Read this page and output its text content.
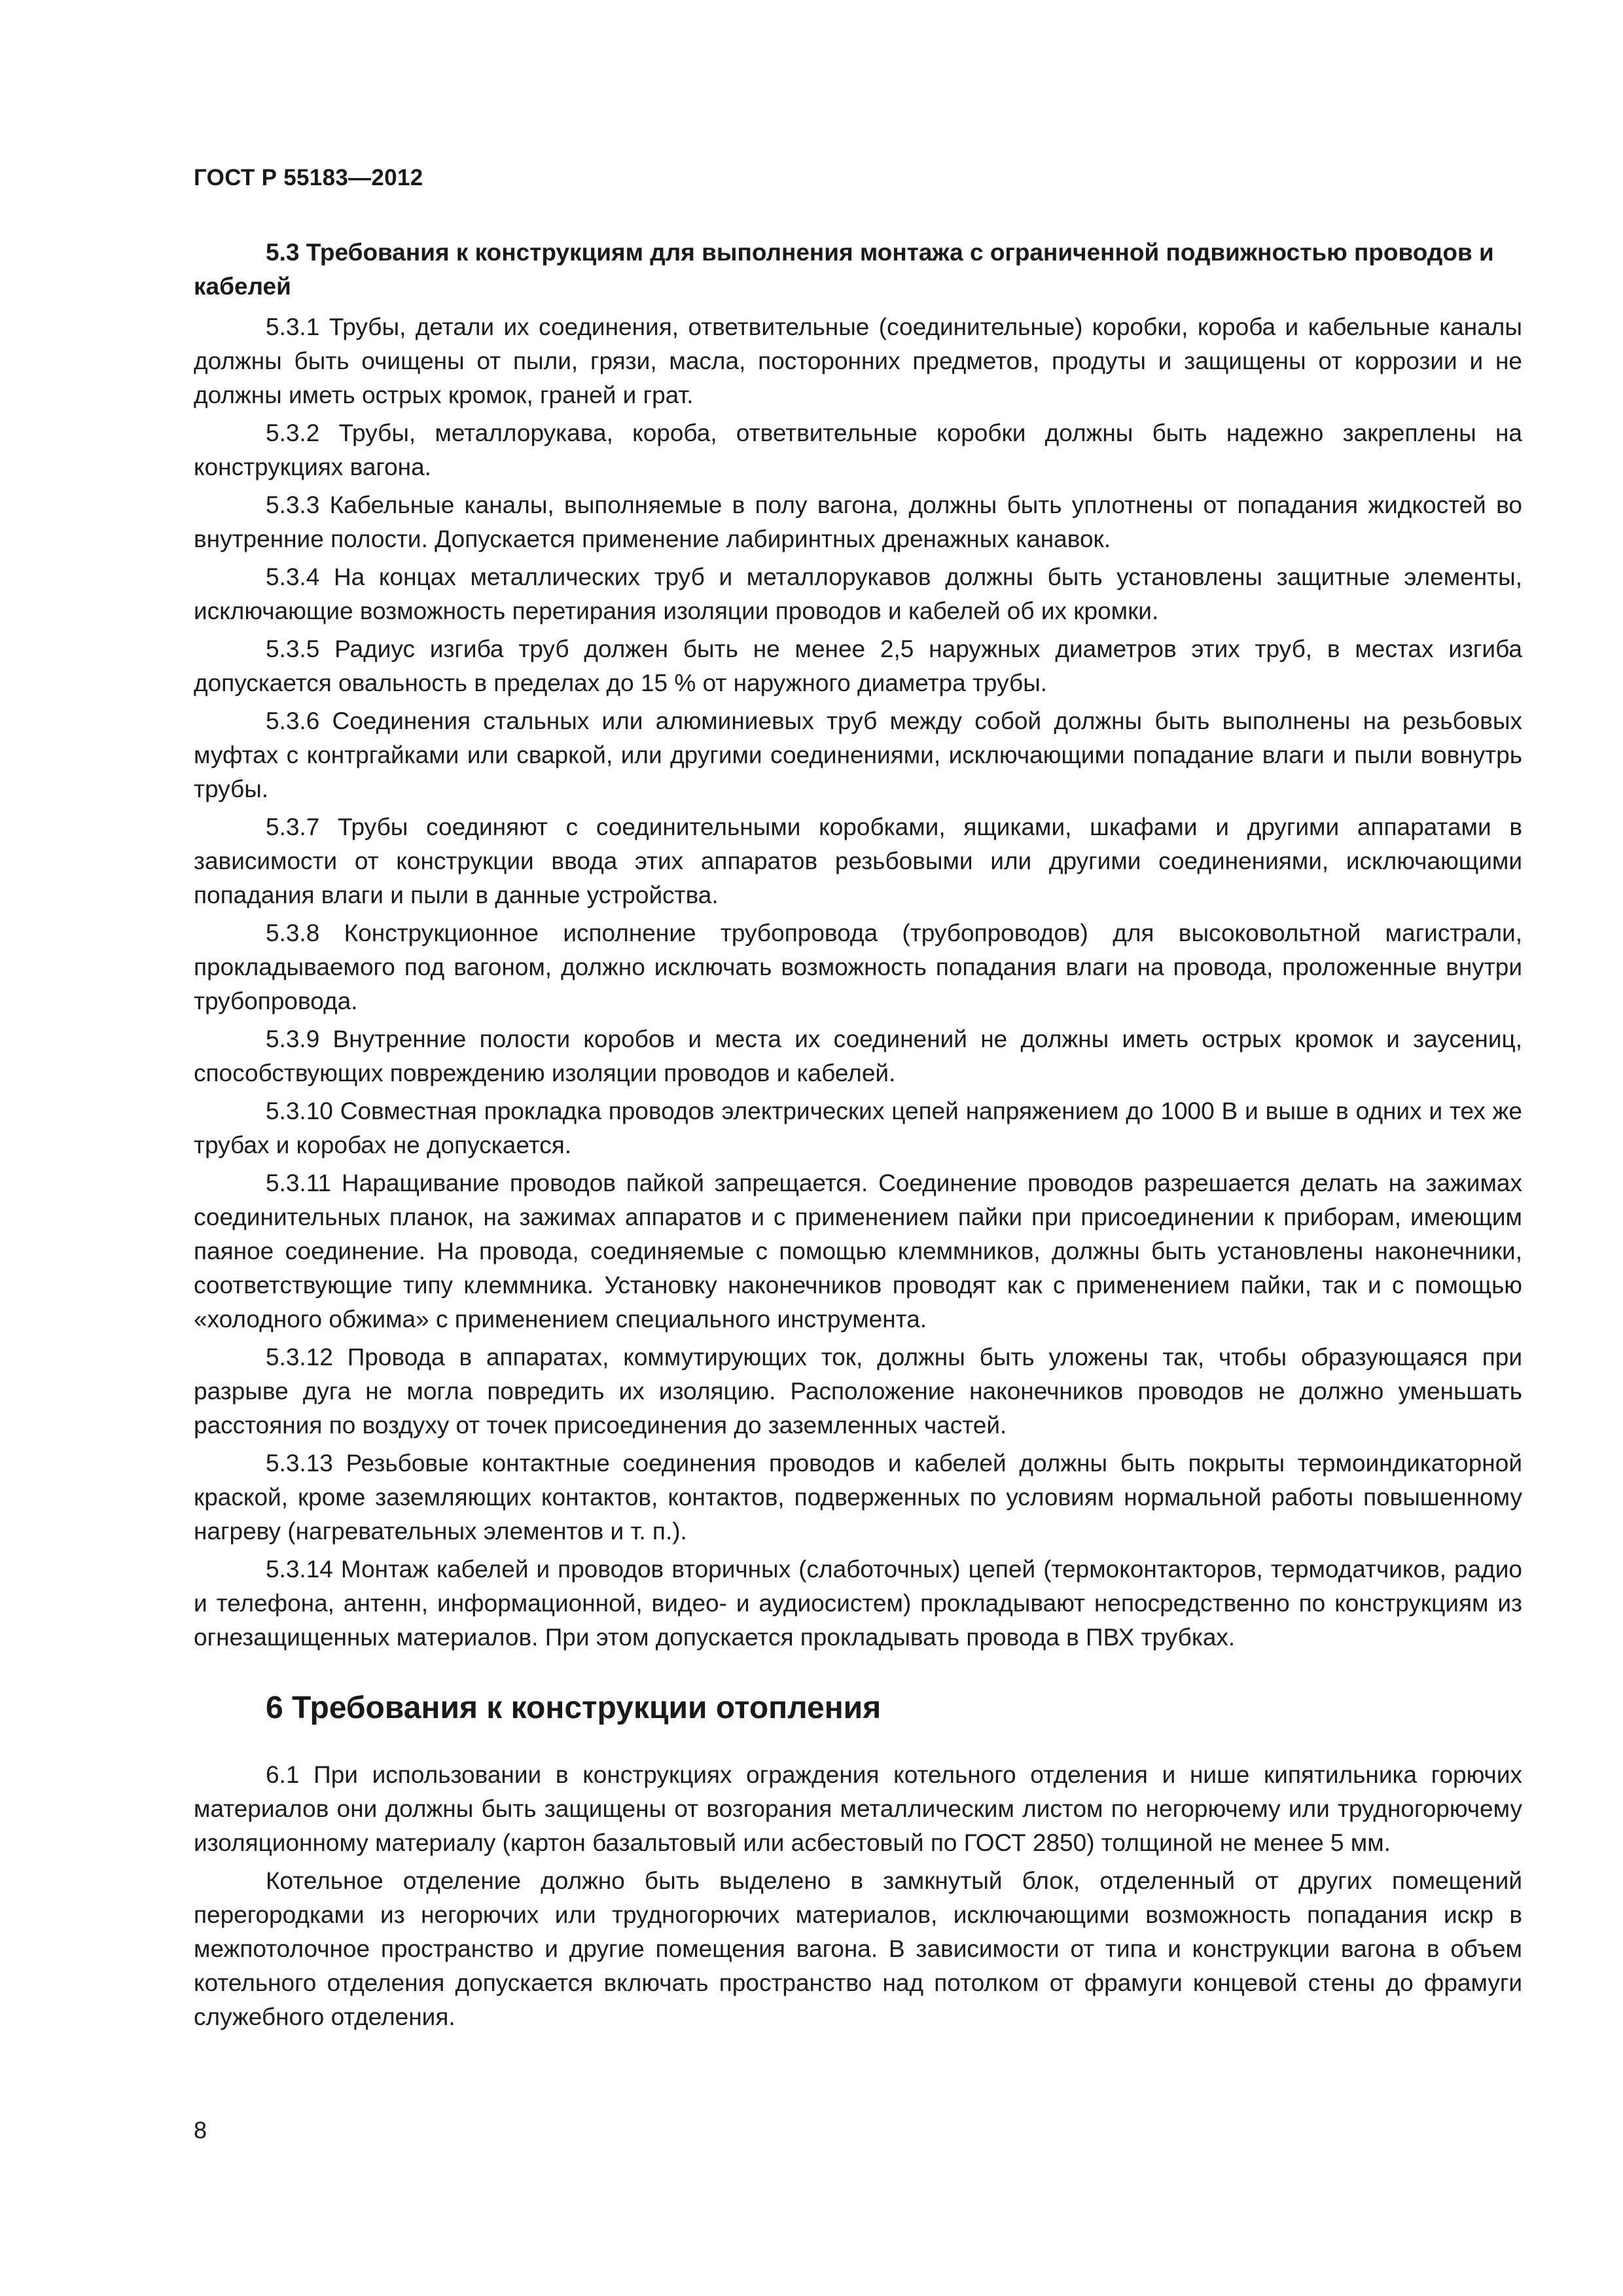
ГОСТ Р 55183—2012
5.3 Требования к конструкциям для выполнения монтажа с ограниченной подвижностью проводов и кабелей

5.3.1 Трубы, детали их соединения, ответвительные (соединительные) коробки, короба и кабельные каналы должны быть очищены от пыли, грязи, масла, посторонних предметов, продуты и защищены от коррозии и не должны иметь острых кромок, граней и грат.

5.3.2 Трубы, металлорукава, короба, ответвительные коробки должны быть надежно закреплены на конструкциях вагона.

5.3.3 Кабельные каналы, выполняемые в полу вагона, должны быть уплотнены от попадания жидкостей во внутренние полости. Допускается применение лабиринтных дренажных канавок.

5.3.4 На концах металлических труб и металлорукавов должны быть установлены защитные элементы, исключающие возможность перетирания изоляции проводов и кабелей об их кромки.

5.3.5 Радиус изгиба труб должен быть не менее 2,5 наружных диаметров этих труб, в местах изгиба допускается овальность в пределах до 15 % от наружного диаметра трубы.

5.3.6 Соединения стальных или алюминиевых труб между собой должны быть выполнены на резьбовых муфтах с контргайками или сваркой, или другими соединениями, исключающими попадание влаги и пыли вовнутрь трубы.

5.3.7 Трубы соединяют с соединительными коробками, ящиками, шкафами и другими аппаратами в зависимости от конструкции ввода этих аппаратов резьбовыми или другими соединениями, исключающими попадания влаги и пыли в данные устройства.

5.3.8 Конструкционное исполнение трубопровода (трубопроводов) для высоковольтной магистрали, прокладываемого под вагоном, должно исключать возможность попадания влаги на провода, проложенные внутри трубопровода.

5.3.9 Внутренние полости коробов и места их соединений не должны иметь острых кромок и заусениц, способствующих повреждению изоляции проводов и кабелей.

5.3.10 Совместная прокладка проводов электрических цепей напряжением до 1000 В и выше в одних и тех же трубах и коробах не допускается.

5.3.11 Наращивание проводов пайкой запрещается. Соединение проводов разрешается делать на зажимах соединительных планок, на зажимах аппаратов и с применением пайки при присоединении к приборам, имеющим паяное соединение. На провода, соединяемые с помощью клеммников, должны быть установлены наконечники, соответствующие типу клеммника. Установку наконечников проводят как с применением пайки, так и с помощью «холодного обжима» с применением специального инструмента.

5.3.12 Провода в аппаратах, коммутирующих ток, должны быть уложены так, чтобы образующаяся при разрыве дуга не могла повредить их изоляцию. Расположение наконечников проводов не должно уменьшать расстояния по воздуху от точек присоединения до заземленных частей.

5.3.13 Резьбовые контактные соединения проводов и кабелей должны быть покрыты термоиндикаторной краской, кроме заземляющих контактов, контактов, подверженных по условиям нормальной работы повышенному нагреву (нагревательных элементов и т. п.).

5.3.14 Монтаж кабелей и проводов вторичных (слаботочных) цепей (термоконтакторов, термодатчиков, радио и телефона, антенн, информационной, видео- и аудиосистем) прокладывают непосредственно по конструкциям из огнезащищенных материалов. При этом допускается прокладывать провода в ПВХ трубках.

6 Требования к конструкции отопления

6.1 При использовании в конструкциях ограждения котельного отделения и нише кипятильника горючих материалов они должны быть защищены от возгорания металлическим листом по негорючему или трудногорючему изоляционному материалу (картон базальтовый или асбестовый по ГОСТ 2850) толщиной не менее 5 мм.

Котельное отделение должно быть выделено в замкнутый блок, отделенный от других помещений перегородками из негорючих или трудногорючих материалов, исключающими возможность попадания искр в межпотолочное пространство и другие помещения вагона. В зависимости от типа и конструкции вагона в объем котельного отделения допускается включать пространство над потолком от фрамуги концевой стены до фрамуги служебного отделения.

8
